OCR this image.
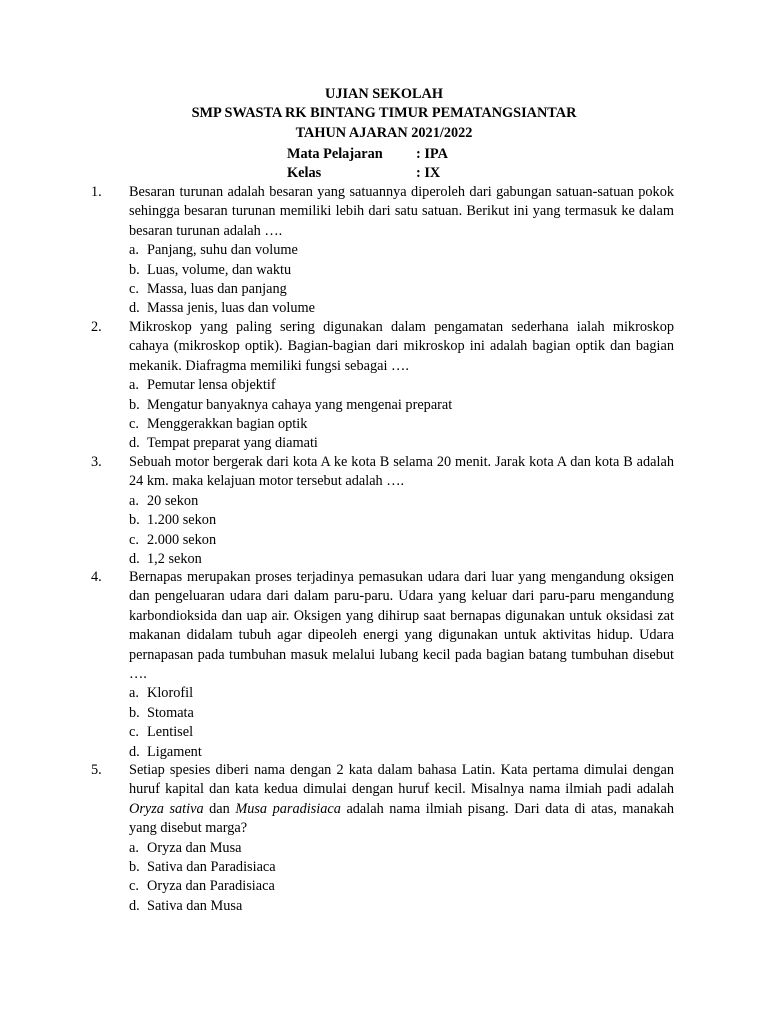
UJIAN SEKOLAH
SMP SWASTA RK BINTANG TIMUR PEMATANGSIANTAR
TAHUN AJARAN 2021/2022
Mata Pelajaran : IPA
Kelas	: IX
1. Besaran turunan adalah besaran yang satuannya diperoleh dari gabungan satuan-satuan pokok sehingga besaran turunan memiliki lebih dari satu satuan. Berikut ini yang termasuk ke dalam besaran turunan adalah ….
a. Panjang, suhu dan volume
b. Luas, volume, dan waktu
c. Massa, luas dan panjang
d. Massa jenis, luas dan volume
2. Mikroskop yang paling sering digunakan dalam pengamatan sederhana ialah mikroskop cahaya (mikroskop optik). Bagian-bagian dari mikroskop ini adalah bagian optik dan bagian mekanik. Diafragma memiliki fungsi sebagai ….
a. Pemutar lensa objektif
b. Mengatur banyaknya cahaya yang mengenai preparat
c. Menggerakkan bagian optik
d. Tempat preparat yang diamati
3. Sebuah motor bergerak dari kota A ke kota B selama 20 menit. Jarak kota A dan kota B adalah 24 km. maka kelajuan motor tersebut adalah ….
a. 20 sekon
b. 1.200 sekon
c. 2.000 sekon
d. 1,2 sekon
4. Bernapas merupakan proses terjadinya pemasukan udara dari luar yang mengandung oksigen dan pengeluaran udara dari dalam paru-paru. Udara yang keluar dari paru-paru mengandung karbondioksida dan uap air. Oksigen yang dihirup saat bernapas digunakan untuk oksidasi zat makanan didalam tubuh agar dipeoleh energi yang digunakan untuk aktivitas hidup. Udara pernapasan pada tumbuhan masuk melalui lubang kecil pada bagian batang tumbuhan disebut ….
a. Klorofil
b. Stomata
c. Lentisel
d. Ligament
5. Setiap spesies diberi nama dengan 2 kata dalam bahasa Latin. Kata pertama dimulai dengan huruf kapital dan kata kedua dimulai dengan huruf kecil. Misalnya nama ilmiah padi adalah Oryza sativa dan Musa paradisiaca adalah nama ilmiah pisang. Dari data di atas, manakah yang disebut marga?
a. Oryza dan Musa
b. Sativa dan Paradisiaca
c. Oryza dan Paradisiaca
d. Sativa dan Musa
